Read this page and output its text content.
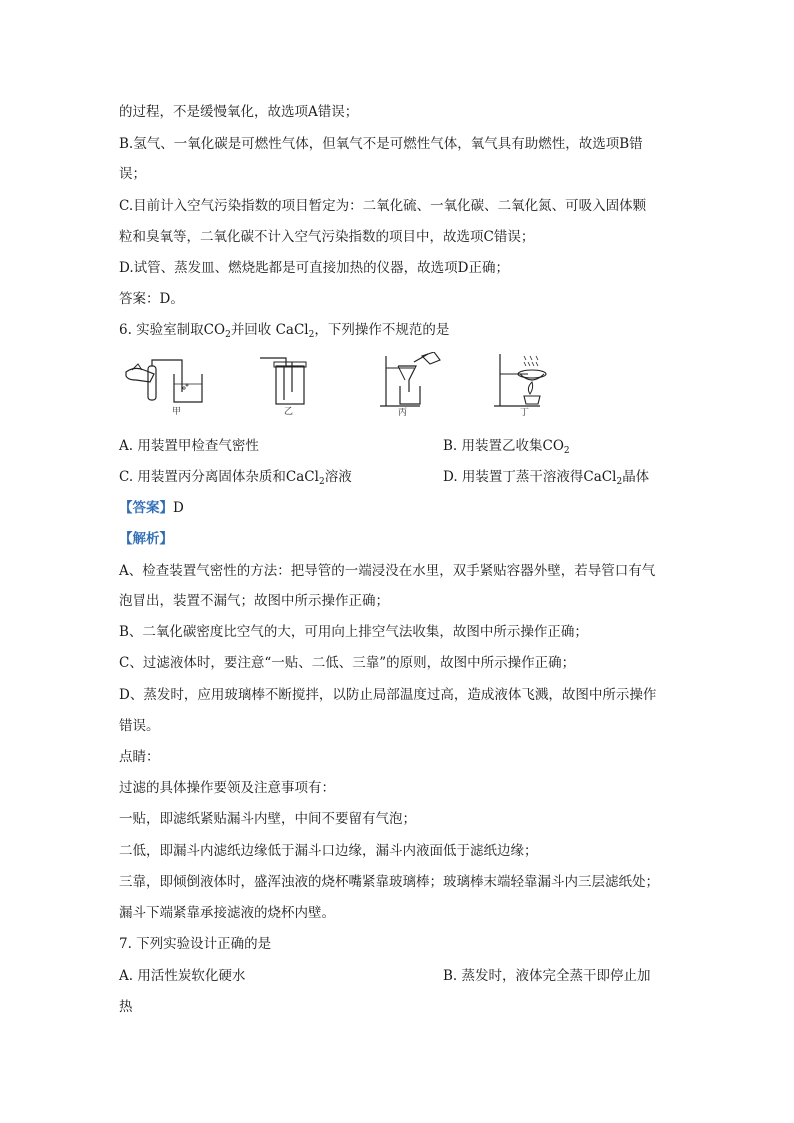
的过程，不是缓慢氧化，故选项A错误；
B.氢气、一氧化碳是可燃性气体，但氧气不是可燃性气体，氧气具有助燃性，故选项B错
误；
C.目前计入空气污染指数的项目暂定为：二氧化硫、一氧化碳、二氧化氮、可吸入固体颗
粒和臭氧等，二氧化碳不计入空气污染指数的项目中，故选项C错误；
D.试管、蒸发皿、燃烧匙都是可直接加热的仪器，故选项D正确；
答案：D。
6. 实验室制取$CO_2$并回收 CaCl$_2$，下列操作不规范的是
甲	乙	丙	丁
A. 用装置甲检查气密性	B. 用装置乙收集$CO_2$
C. 用装置丙分离固体杂质和CaCl$_2$溶液	D. 用装置丁蒸干溶液得CaCl$_2$晶体
【答案】D
【解析】
A、检查装置气密性的方法：把导管的一端浸没在水里，双手紧贴容器外壁，若导管口有气
泡冒出，装置不漏气；故图中所示操作正确；
B、二氧化碳密度比空气的大，可用向上排空气法收集，故图中所示操作正确；
C、过滤液体时，要注意“一贴、二低、三靠”的原则，故图中所示操作正确；
D、蒸发时，应用玻璃棒不断搅拌，以防止局部温度过高，造成液体飞溅，故图中所示操作
错误。
点睛：
过滤的具体操作要领及注意事项有：
一贴，即滤纸紧贴漏斗内壁，中间不要留有气泡；
二低，即漏斗内滤纸边缘低于漏斗口边缘，漏斗内液面低于滤纸边缘；
三靠，即倾倒液体时，盛浑浊液的烧杯嘴紧靠玻璃棒；玻璃棒末端轻靠漏斗内三层滤纸处；
漏斗下端紧靠承接滤液的烧杯内壁。
7. 下列实验设计正确的是
A. 用活性炭软化硬水	B. 蒸发时，液体完全蒸干即停止加
热
